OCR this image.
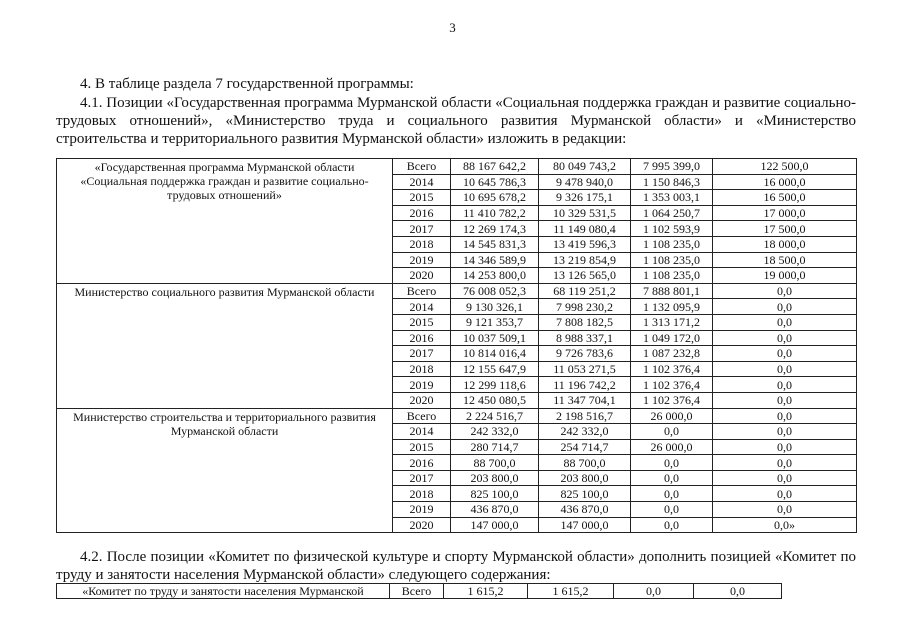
3
4. В таблице раздела 7 государственной программы:
4.1. Позиции «Государственная программа Мурманской области «Социальная поддержка граждан и развитие социально-трудовых отношений», «Министерство труда и социального развития Мурманской области» и «Министерство строительства и территориального развития Мурманской области» изложить в редакции:
«Государственная программа Мурманской области «Социальная поддержка граждан и развитие социально-трудовых отношений»	Всего	88 167 642,2	80 049 743,2	7 995 399,0	122 500,0
	2014	10 645 786,3	9 478 940,0	1 150 846,3	16 000,0
	2015	10 695 678,2	9 326 175,1	1 353 003,1	16 500,0
	2016	11 410 782,2	10 329 531,5	1 064 250,7	17 000,0
	2017	12 269 174,3	11 149 080,4	1 102 593,9	17 500,0
	2018	14 545 831,3	13 419 596,3	1 108 235,0	18 000,0
	2019	14 346 589,9	13 219 854,9	1 108 235,0	18 500,0
	2020	14 253 800,0	13 126 565,0	1 108 235,0	19 000,0
Министерство социального развития Мурманской области	Всего	76 008 052,3	68 119 251,2	7 888 801,1	0,0
	2014	9 130 326,1	7 998 230,2	1 132 095,9	0,0
	2015	9 121 353,7	7 808 182,5	1 313 171,2	0,0
	2016	10 037 509,1	8 988 337,1	1 049 172,0	0,0
	2017	10 814 016,4	9 726 783,6	1 087 232,8	0,0
	2018	12 155 647,9	11 053 271,5	1 102 376,4	0,0
	2019	12 299 118,6	11 196 742,2	1 102 376,4	0,0
	2020	12 450 080,5	11 347 704,1	1 102 376,4	0,0
Министерство строительства и территориального развития Мурманской области	Всего	2 224 516,7	2 198 516,7	26 000,0	0,0
	2014	242 332,0	242 332,0	0,0	0,0
	2015	280 714,7	254 714,7	26 000,0	0,0
	2016	88 700,0	88 700,0	0,0	0,0
	2017	203 800,0	203 800,0	0,0	0,0
	2018	825 100,0	825 100,0	0,0	0,0
	2019	436 870,0	436 870,0	0,0	0,0
	2020	147 000,0	147 000,0	0,0	0,0»
4.2. После позиции «Комитет по физической культуре и спорту Мурманской области» дополнить позицией «Комитет по труду и занятости населения Мурманской области» следующего содержания:
«Комитет по труду и занятости населения Мурманской	Всего	1 615,2	1 615,2	0,0	0,0
